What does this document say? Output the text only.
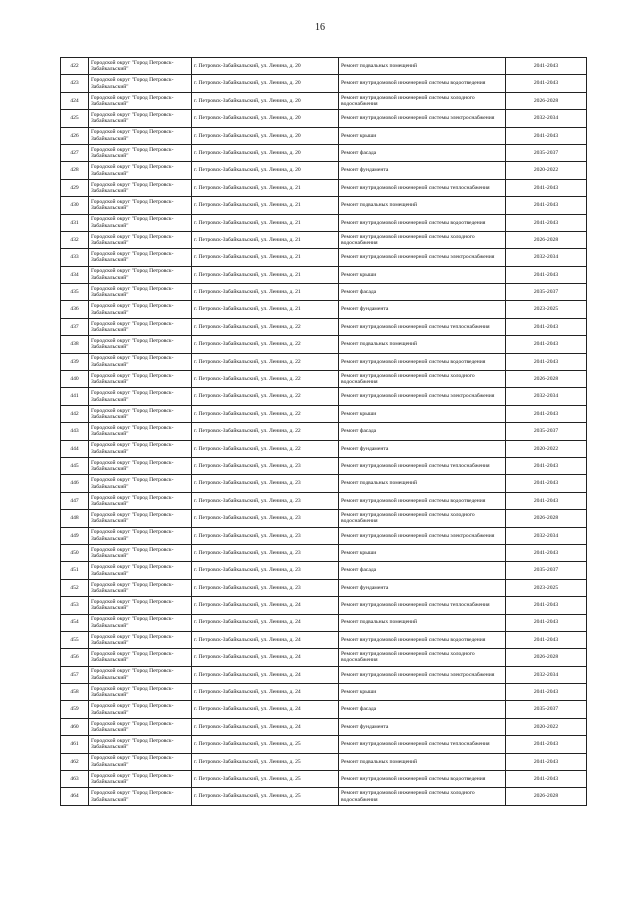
16
422	Городской округ "Город Петровск-Забайкальский"	г. Петровск-Забайкальский, ул. Ленина, д. 20	Ремонт подвальных помещений	2041-2043
423	Городской округ "Город Петровск-Забайкальский"	г. Петровск-Забайкальский, ул. Ленина, д. 20	Ремонт внутридомовой инженерной системы водоотведения	2041-2043
424	Городской округ "Город Петровск-Забайкальский"	г. Петровск-Забайкальский, ул. Ленина, д. 20	Ремонт внутридомовой инженерной системы холодного водоснабжения	2026-2028
425	Городской округ "Город Петровск-Забайкальский"	г. Петровск-Забайкальский, ул. Ленина, д. 20	Ремонт внутридомовой инженерной системы электроснабжения	2032-2034
426	Городской округ "Город Петровск-Забайкальский"	г. Петровск-Забайкальский, ул. Ленина, д. 20	Ремонт крыши	2041-2043
427	Городской округ "Город Петровск-Забайкальский"	г. Петровск-Забайкальский, ул. Ленина, д. 20	Ремонт фасада	2035-2037
428	Городской округ "Город Петровск-Забайкальский"	г. Петровск-Забайкальский, ул. Ленина, д. 20	Ремонт фундамента	2020-2022
429	Городской округ "Город Петровск-Забайкальский"	г. Петровск-Забайкальский, ул. Ленина, д. 21	Ремонт внутридомовой инженерной системы теплоснабжения	2041-2043
430	Городской округ "Город Петровск-Забайкальский"	г. Петровск-Забайкальский, ул. Ленина, д. 21	Ремонт подвальных помещений	2041-2043
431	Городской округ "Город Петровск-Забайкальский"	г. Петровск-Забайкальский, ул. Ленина, д. 21	Ремонт внутридомовой инженерной системы водоотведения	2041-2043
432	Городской округ "Город Петровск-Забайкальский"	г. Петровск-Забайкальский, ул. Ленина, д. 21	Ремонт внутридомовой инженерной системы холодного водоснабжения	2026-2028
433	Городской округ "Город Петровск-Забайкальский"	г. Петровск-Забайкальский, ул. Ленина, д. 21	Ремонт внутридомовой инженерной системы электроснабжения	2032-2034
434	Городской округ "Город Петровск-Забайкальский"	г. Петровск-Забайкальский, ул. Ленина, д. 21	Ремонт крыши	2041-2043
435	Городской округ "Город Петровск-Забайкальский"	г. Петровск-Забайкальский, ул. Ленина, д. 21	Ремонт фасада	2035-2037
436	Городской округ "Город Петровск-Забайкальский"	г. Петровск-Забайкальский, ул. Ленина, д. 21	Ремонт фундамента	2023-2025
437	Городской округ "Город Петровск-Забайкальский"	г. Петровск-Забайкальский, ул. Ленина, д. 22	Ремонт внутридомовой инженерной системы теплоснабжения	2041-2043
438	Городской округ "Город Петровск-Забайкальский"	г. Петровск-Забайкальский, ул. Ленина, д. 22	Ремонт подвальных помещений	2041-2043
439	Городской округ "Город Петровск-Забайкальский"	г. Петровск-Забайкальский, ул. Ленина, д. 22	Ремонт внутридомовой инженерной системы водоотведения	2041-2043
440	Городской округ "Город Петровск-Забайкальский"	г. Петровск-Забайкальский, ул. Ленина, д. 22	Ремонт внутридомовой инженерной системы холодного водоснабжения	2026-2028
441	Городской округ "Город Петровск-Забайкальский"	г. Петровск-Забайкальский, ул. Ленина, д. 22	Ремонт внутридомовой инженерной системы электроснабжения	2032-2034
442	Городской округ "Город Петровск-Забайкальский"	г. Петровск-Забайкальский, ул. Ленина, д. 22	Ремонт крыши	2041-2043
443	Городской округ "Город Петровск-Забайкальский"	г. Петровск-Забайкальский, ул. Ленина, д. 22	Ремонт фасада	2035-2037
444	Городской округ "Город Петровск-Забайкальский"	г. Петровск-Забайкальский, ул. Ленина, д. 22	Ремонт фундамента	2020-2022
445	Городской округ "Город Петровск-Забайкальский"	г. Петровск-Забайкальский, ул. Ленина, д. 23	Ремонт внутридомовой инженерной системы теплоснабжения	2041-2043
446	Городской округ "Город Петровск-Забайкальский"	г. Петровск-Забайкальский, ул. Ленина, д. 23	Ремонт подвальных помещений	2041-2043
447	Городской округ "Город Петровск-Забайкальский"	г. Петровск-Забайкальский, ул. Ленина, д. 23	Ремонт внутридомовой инженерной системы водоотведения	2041-2043
448	Городской округ "Город Петровск-Забайкальский"	г. Петровск-Забайкальский, ул. Ленина, д. 23	Ремонт внутридомовой инженерной системы холодного водоснабжения	2026-2028
449	Городской округ "Город Петровск-Забайкальский"	г. Петровск-Забайкальский, ул. Ленина, д. 23	Ремонт внутридомовой инженерной системы электроснабжения	2032-2034
450	Городской округ "Город Петровск-Забайкальский"	г. Петровск-Забайкальский, ул. Ленина, д. 23	Ремонт крыши	2041-2043
451	Городской округ "Город Петровск-Забайкальский"	г. Петровск-Забайкальский, ул. Ленина, д. 23	Ремонт фасада	2035-2037
452	Городской округ "Город Петровск-Забайкальский"	г. Петровск-Забайкальский, ул. Ленина, д. 23	Ремонт фундамента	2023-2025
453	Городской округ "Город Петровск-Забайкальский"	г. Петровск-Забайкальский, ул. Ленина, д. 24	Ремонт внутридомовой инженерной системы теплоснабжения	2041-2043
454	Городской округ "Город Петровск-Забайкальский"	г. Петровск-Забайкальский, ул. Ленина, д. 24	Ремонт подвальных помещений	2041-2043
455	Городской округ "Город Петровск-Забайкальский"	г. Петровск-Забайкальский, ул. Ленина, д. 24	Ремонт внутридомовой инженерной системы водоотведения	2041-2043
456	Городской округ "Город Петровск-Забайкальский"	г. Петровск-Забайкальский, ул. Ленина, д. 24	Ремонт внутридомовой инженерной системы холодного водоснабжения	2026-2028
457	Городской округ "Город Петровск-Забайкальский"	г. Петровск-Забайкальский, ул. Ленина, д. 24	Ремонт внутридомовой инженерной системы электроснабжения	2032-2034
458	Городской округ "Город Петровск-Забайкальский"	г. Петровск-Забайкальский, ул. Ленина, д. 24	Ремонт крыши	2041-2043
459	Городской округ "Город Петровск-Забайкальский"	г. Петровск-Забайкальский, ул. Ленина, д. 24	Ремонт фасада	2035-2037
460	Городской округ "Город Петровск-Забайкальский"	г. Петровск-Забайкальский, ул. Ленина, д. 24	Ремонт фундамента	2020-2022
461	Городской округ "Город Петровск-Забайкальский"	г. Петровск-Забайкальский, ул. Ленина, д. 25	Ремонт внутридомовой инженерной системы теплоснабжения	2041-2043
462	Городской округ "Город Петровск-Забайкальский"	г. Петровск-Забайкальский, ул. Ленина, д. 25	Ремонт подвальных помещений	2041-2043
463	Городской округ "Город Петровск-Забайкальский"	г. Петровск-Забайкальский, ул. Ленина, д. 25	Ремонт внутридомовой инженерной системы водоотведения	2041-2043
464	Городской округ "Город Петровск-Забайкальский"	г. Петровск-Забайкальский, ул. Ленина, д. 25	Ремонт внутридомовой инженерной системы холодного водоснабжения	2026-2028
